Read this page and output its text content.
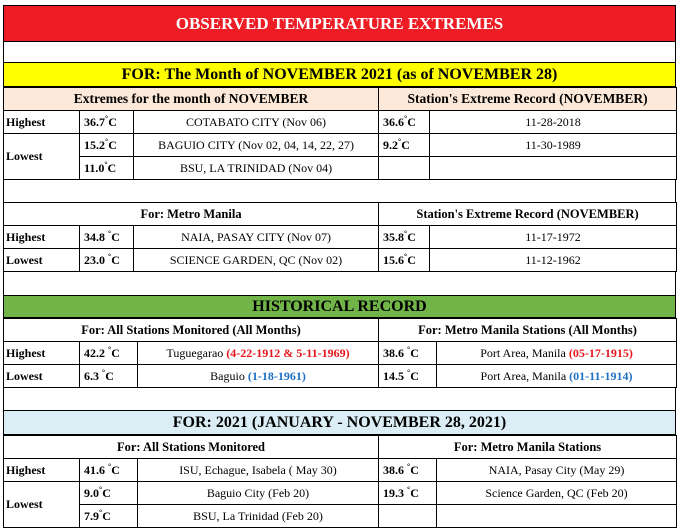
OBSERVED TEMPERATURE EXTREMES
FOR: The Month of NOVEMBER 2021 (as of NOVEMBER 28)
Extremes for the month of NOVEMBER			Station's Extreme Record (NOVEMBER)	
Highest	36.7°C	COTABATO CITY (Nov 06)	36.6°C	11-28-2018
Lowest	15.2°C	BAGUIO CITY (Nov 02, 04, 14, 22, 27)	9.2°C	11-30-1989
	11.0°C	BSU, LA TRINIDAD (Nov 04)		
For: Metro Manila			Station's Extreme Record (NOVEMBER)	
Highest	34.8 °C	NAIA, PASAY CITY (Nov 07)	35.8°C	11-17-1972
Lowest	23.0 °C	SCIENCE GARDEN, QC (Nov 02)	15.6°C	11-12-1962
HISTORICAL RECORD
For: All Stations Monitored (All Months)			For: Metro Manila Stations (All Months)	
Highest	42.2 °C	Tuguegarao (4-22-1912 & 5-11-1969)	38.6 °C	Port Area, Manila (05-17-1915)
Lowest	6.3 °C	Baguio (1-18-1961)	14.5 °C	Port Area, Manila (01-11-1914)
FOR: 2021 (JANUARY - NOVEMBER 28, 2021)
For: All Stations Monitored			For: Metro Manila Stations	
Highest	41.6 °C	ISU, Echague, Isabela ( May 30)	38.6 °C	NAIA, Pasay City (May 29)
Lowest	9.0°C	Baguio City (Feb 20)	19.3 °C	Science Garden, QC (Feb 20)
	7.9°C	BSU, La Trinidad (Feb 20)		
